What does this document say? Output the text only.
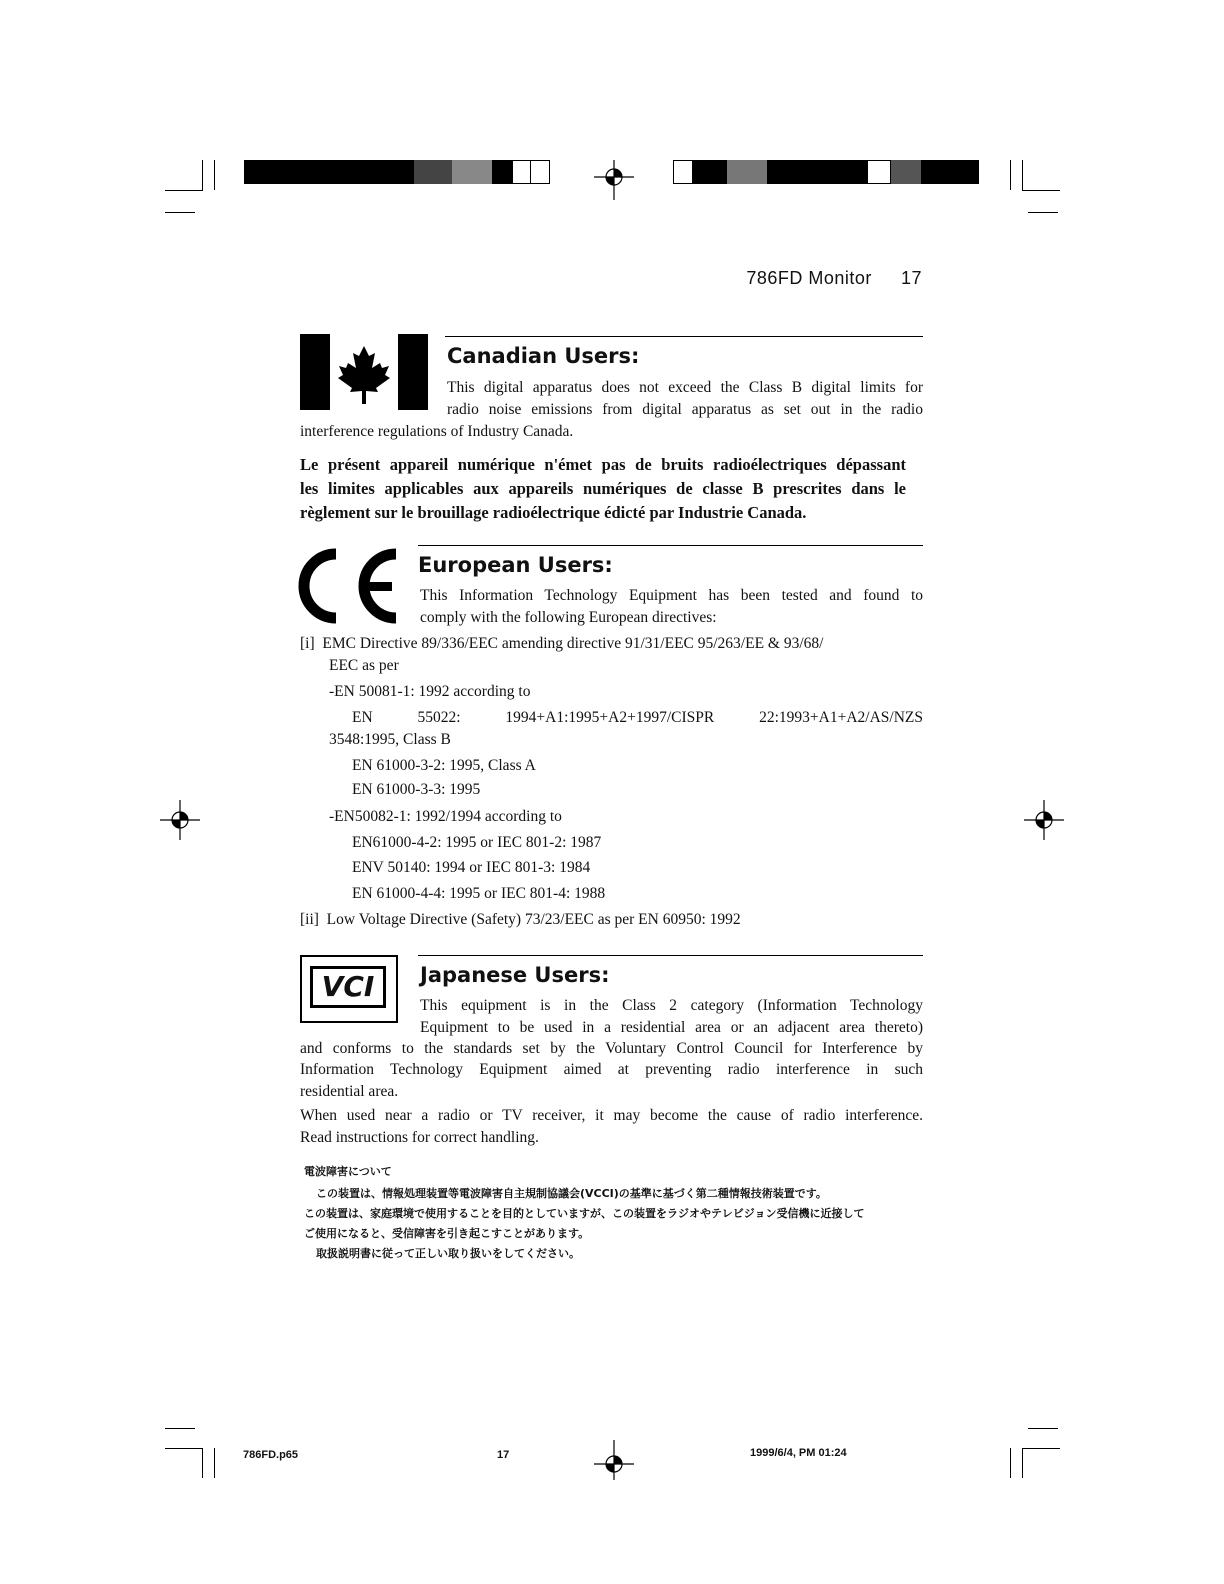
786FD Monitor 17
Canadian Users:
This digital apparatus does not exceed the Class B digital limits for
radio noise emissions from digital apparatus as set out in the radio
interference regulations of Industry Canada.
Le présent appareil numérique n'émet pas de bruits radioélectriques dépassant
les limites applicables aux appareils numériques de classe B prescrites dans le
règlement sur le brouillage radioélectrique édicté par Industrie Canada.
European Users:
This Information Technology Equipment has been tested and found to
comply with the following European directives:
[i]  EMC Directive 89/336/EEC amending directive 91/31/EEC 95/263/EE & 93/68/
EEC as per
-EN 50081-1: 1992 according to
EN 55022: 1994+A1:1995+A2+1997/CISPR 22:1993+A1+A2/AS/NZS
3548:1995, Class B
EN 61000-3-2: 1995, Class A
EN 61000-3-3: 1995
-EN50082-1: 1992/1994 according to
EN61000-4-2: 1995 or IEC 801-2: 1987
ENV 50140: 1994 or IEC 801-3: 1984
EN 61000-4-4: 1995 or IEC 801-4: 1988
[ii]  Low Voltage Directive (Safety) 73/23/EEC as per EN 60950: 1992
VCI	Japanese Users:
This equipment is in the Class 2 category (Information Technology
Equipment to be used in a residential area or an adjacent area thereto)
and conforms to the standards set by the Voluntary Control Council for Interference by
Information Technology Equipment aimed at preventing radio interference in such
residential area.
When used near a radio or TV receiver, it may become the cause of radio interference.
Read instructions for correct handling.
電波障害について
この装置は、情報処理装置等電波障害自主規制協議会(VCCI)の基準に基づく第二種情報技術装置です。
この装置は、家庭環境で使用することを目的としていますが、この装置をラジオやテレビジョン受信機に近接して
ご使用になると、受信障害を引き起こすことがあります。
取扱説明書に従って正しい取り扱いをしてください。
786FD.p65	17	1999/6/4, PM 01:24
